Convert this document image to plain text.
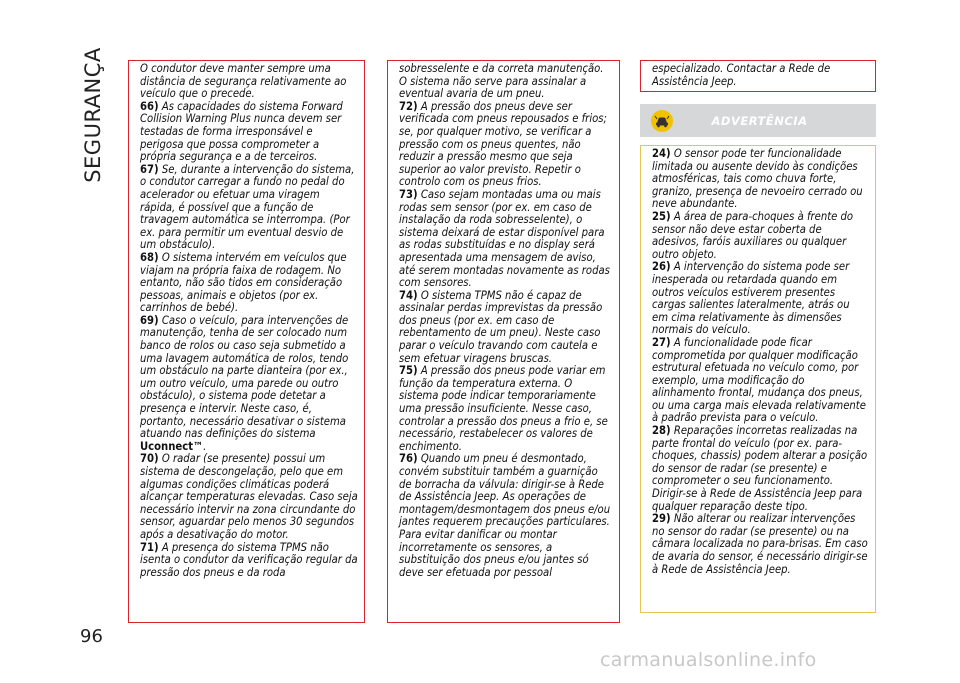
SEGURANÇA	O condutor deve manter sempre uma distância de segurança relativamente ao veículo que o precede.

66) As capacidades do sistema Forward Collision Warning Plus nunca devem ser testadas de forma irresponsável e perigosa que possa comprometer a própria segurança e a de terceiros.

67) Se, durante a intervenção do sistema, o condutor carregar a fundo no pedal do acelerador ou efetuar uma viragem rápida, é possível que a função de travagem automática se interrompa. (Por ex. para permitir um eventual desvio de um obstáculo).

68) O sistema intervém em veículos que viajam na própria faixa de rodagem. No entanto, não são tidos em consideração pessoas, animais e objetos (por ex. carrinhos de bebé).

69) Caso o veículo, para intervenções de manutenção, tenha de ser colocado num banco de rolos ou caso seja submetido a uma lavagem automática de rolos, tendo um obstáculo na parte dianteira (por ex., um outro veículo, uma parede ou outro obstáculo), o sistema pode detetar a presença e intervir. Neste caso, é, portanto, necessário desativar o sistema atuando nas definições do sistema Uconnect™.

70) O radar (se presente) possui um sistema de descongelação, pelo que em algumas condições climáticas poderá alcançar temperaturas elevadas. Caso seja necessário intervir na zona circundante do sensor, aguardar pelo menos 30 segundos após a desativação do motor.

71) A presença do sistema TPMS não isenta o condutor da verificação regular da pressão dos pneus e da roda

sobresselente e da correta manutenção. O sistema não serve para assinalar a eventual avaria de um pneu.

72) A pressão dos pneus deve ser verificada com pneus repousados e frios; se, por qualquer motivo, se verificar a pressão com os pneus quentes, não reduzir a pressão mesmo que seja superior ao valor previsto. Repetir o controlo com os pneus frios.

73) Caso sejam montadas uma ou mais rodas sem sensor (por ex. em caso de instalação da roda sobresselente), o sistema deixará de estar disponível para as rodas substituídas e no display será apresentada uma mensagem de aviso, até serem montadas novamente as rodas com sensores.

74) O sistema TPMS não é capaz de assinalar perdas imprevistas da pressão dos pneus (por ex. em caso de rebentamento de um pneu). Neste caso parar o veículo travando com cautela e sem efetuar viragens bruscas.

75) A pressão dos pneus pode variar em função da temperatura externa. O sistema pode indicar temporariamente uma pressão insuficiente. Nesse caso, controlar a pressão dos pneus a frio e, se necessário, restabelecer os valores de enchimento.

76) Quando um pneu é desmontado, convém substituir também a guarnição de borracha da válvula: dirigir-se à Rede de Assistência Jeep. As operações de montagem/desmontagem dos pneus e/ou jantes requerem precauções particulares. Para evitar danificar ou montar incorretamente os sensores, a substituição dos pneus e/ou jantes só deve ser efetuada por pessoal

especializado. Contactar a Rede de Assistência Jeep.

ADVERTÊNCIA

24) O sensor pode ter funcionalidade limitada ou ausente devido às condições atmosféricas, tais como chuva forte, granizo, presença de nevoeiro cerrado ou neve abundante.

25) A área de para-choques à frente do sensor não deve estar coberta de adesivos, faróis auxiliares ou qualquer outro objeto.

26) A intervenção do sistema pode ser inesperada ou retardada quando em outros veículos estiverem presentes cargas salientes lateralmente, atrás ou em cima relativamente às dimensões normais do veículo.

27) A funcionalidade pode ficar comprometida por qualquer modificação estrutural efetuada no veículo como, por exemplo, uma modificação do alinhamento frontal, mudança dos pneus, ou uma carga mais elevada relativamente à padrão prevista para o veículo.

28) Reparações incorretas realizadas na parte frontal do veículo (por ex. para-choques, chassis) podem alterar a posição do sensor de radar (se presente) e comprometer o seu funcionamento. Dirigir-se à Rede de Assistência Jeep para qualquer reparação deste tipo.

29) Não alterar ou realizar intervenções no sensor do radar (se presente) ou na câmara localizada no para-brisas. Em caso de avaria do sensor, é necessário dirigir-se à Rede de Assistência Jeep.

96
carmanualsonline.info
